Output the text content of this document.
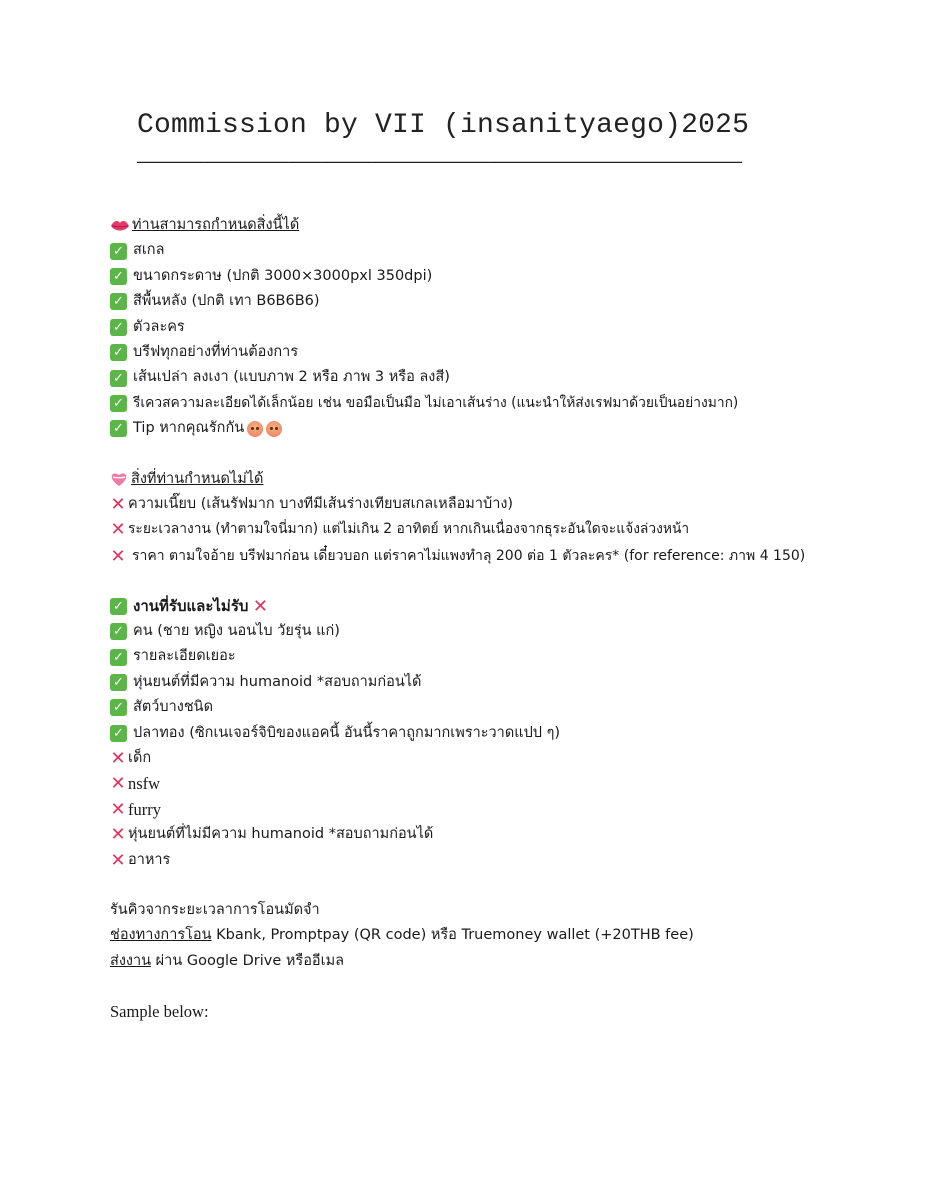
Commission by VII (insanityaego)2025
____________________________________
ท่านสามารถกำหนดสิ่งนี้ได้
✓ สเกล
✓ ขนาดกระดาษ (ปกติ 3000×3000pxl 350dpi)
✓ สีพื้นหลัง (ปกติ เทา B6B6B6)
✓ ตัวละคร
✓ บรีฟทุกอย่างที่ท่านต้องการ
✓ เส้นเปล่า ลงเงา (แบบภาพ 2 หรือ ภาพ 3 หรือ ลงสี)
✓ รีเควสความละเอียดได้เล็กน้อย เช่น ขอมือเป็นมือ ไม่เอาเส้นร่าง (แนะนำให้ส่งเรฟมาด้วยเป็นอย่างมาก)
✓ Tip หากคุณรักกัน
สิ่งที่ท่านกำหนดไม่ได้
✕ ความเนี๊ยบ (เส้นรัฟมาก บางทีมีเส้นร่างเทียบสเกลเหลือมาบ้าง)
✕ ระยะเวลางาน (ทำตามใจนี่มาก) แต่ไม่เกิน 2 อาทิตย์ หากเกินเนื่องจากธุระอันใดจะแจ้งล่วงหน้า
✕ ราคา ตามใจอ้าย บรีฟมาก่อน เดี๋ยวบอก แต่ราคาไม่แพงทำลุ 200 ต่อ 1 ตัวละคร* (for reference: ภาพ 4 150)
✓ งานที่รับและไม่รับ ✕
✓ คน (ชาย หญิง นอนไบ วัยรุ่น แก่)
✓ รายละเอียดเยอะ
✓ หุ่นยนต์ที่มีความ humanoid *สอบถามก่อนได้
✓ สัตว์บางชนิด
✓ ปลาทอง (ซิกเนเจอร์จิบิของแอคนี้ อันนี้ราคาถูกมากเพราะวาดแปป ๆ)
✕ เด็ก
✕ nsfw
✕ furry
✕ หุ่นยนต์ที่ไม่มีความ humanoid *สอบถามก่อนได้
✕ อาหาร
รันคิวจากระยะเวลาการโอนมัดจำ
ช่องทางการโอน Kbank, Promptpay (QR code) หรือ Truemoney wallet (+20THB fee)
ส่งงาน ผ่าน Google Drive หรืออีเมล
Sample below:
